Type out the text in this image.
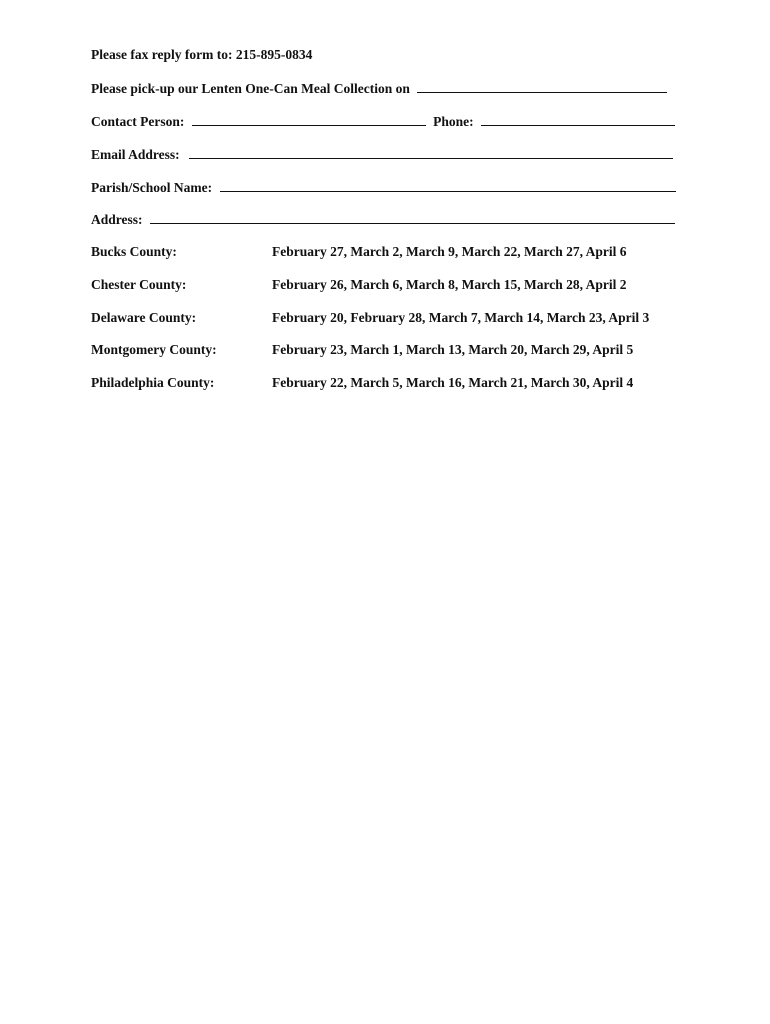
Please fax reply form to: 215-895-0834
Please pick-up our Lenten One-Can Meal Collection on
Contact Person:	Phone:
Email Address:
Parish/School Name:
Address:
Bucks County:	February 27, March 2, March 9, March 22, March 27, April 6
Chester County:	February 26, March 6, March 8, March 15, March 28, April 2
Delaware County:	February 20, February 28, March 7, March 14, March 23, April 3
Montgomery County:	February 23, March 1, March 13, March 20, March 29, April 5
Philadelphia County:	February 22, March 5, March 16, March 21, March 30, April 4
